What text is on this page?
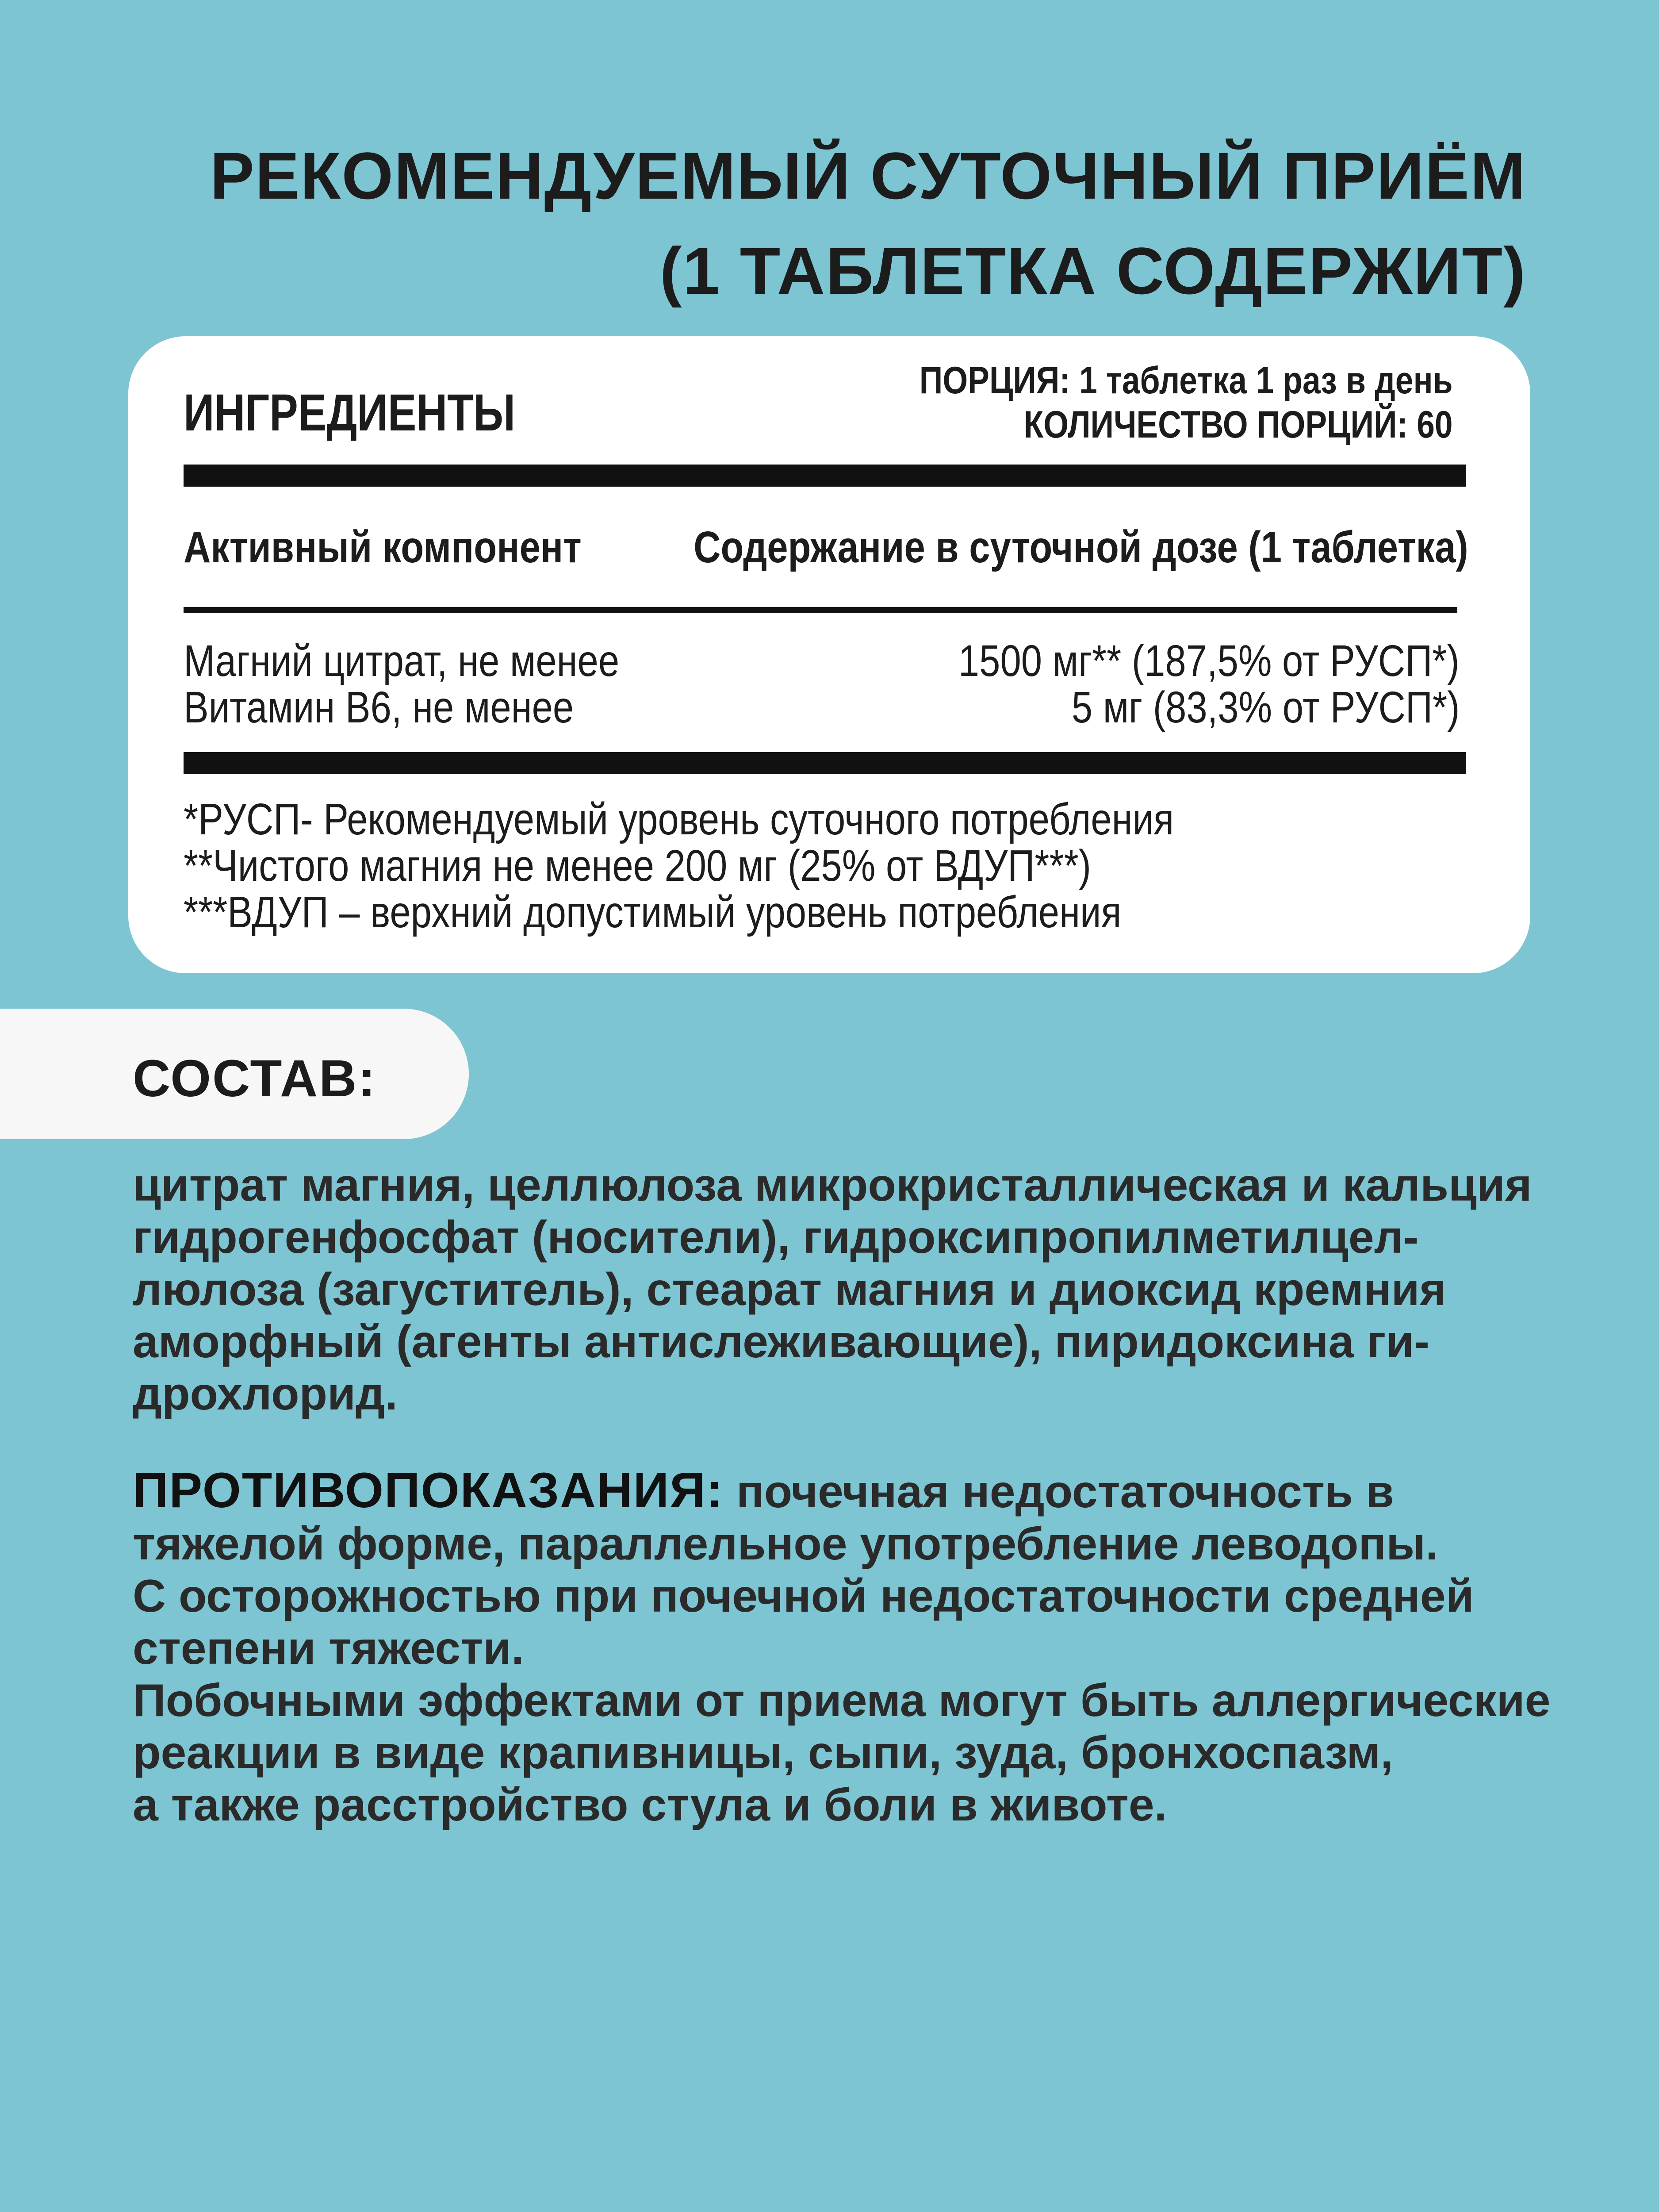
РЕКОМЕНДУЕМЫЙ СУТОЧНЫЙ ПРИЁМ
(1 ТАБЛЕТКА СОДЕРЖИТ)
ИНГРЕДИЕНТЫ
ПОРЦИЯ: 1 таблетка 1 раз в день
КОЛИЧЕСТВО ПОРЦИЙ: 60
Активный компонент	Содержание в суточной дозе (1 таблетка)
Магний цитрат, не менее	1500 мг** (187,5% от РУСП*)
Витамин В6, не менее	5 мг (83,3% от РУСП*)
*РУСП- Рекомендуемый уровень суточного потребления
**Чистого магния не менее 200 мг (25% от ВДУП***)
***ВДУП – верхний допустимый уровень потребления
СОСТАВ:
цитрат магния, целлюлоза микрокристаллическая и кальция
гидрогенфосфат (носители), гидроксипропилметилцел-
люлоза (загуститель), стеарат магния и диоксид кремния
аморфный (агенты антислеживающие), пиридоксина ги-
дрохлорид.
ПРОТИВОПОКАЗАНИЯ: почечная недостаточность в
тяжелой форме, параллельное употребление леводопы.
С осторожностью при почечной недостаточности средней
степени тяжести.
Побочными эффектами от приема могут быть аллергические
реакции в виде крапивницы, сыпи, зуда, бронхоспазм,
а также расстройство стула и боли в животе.
